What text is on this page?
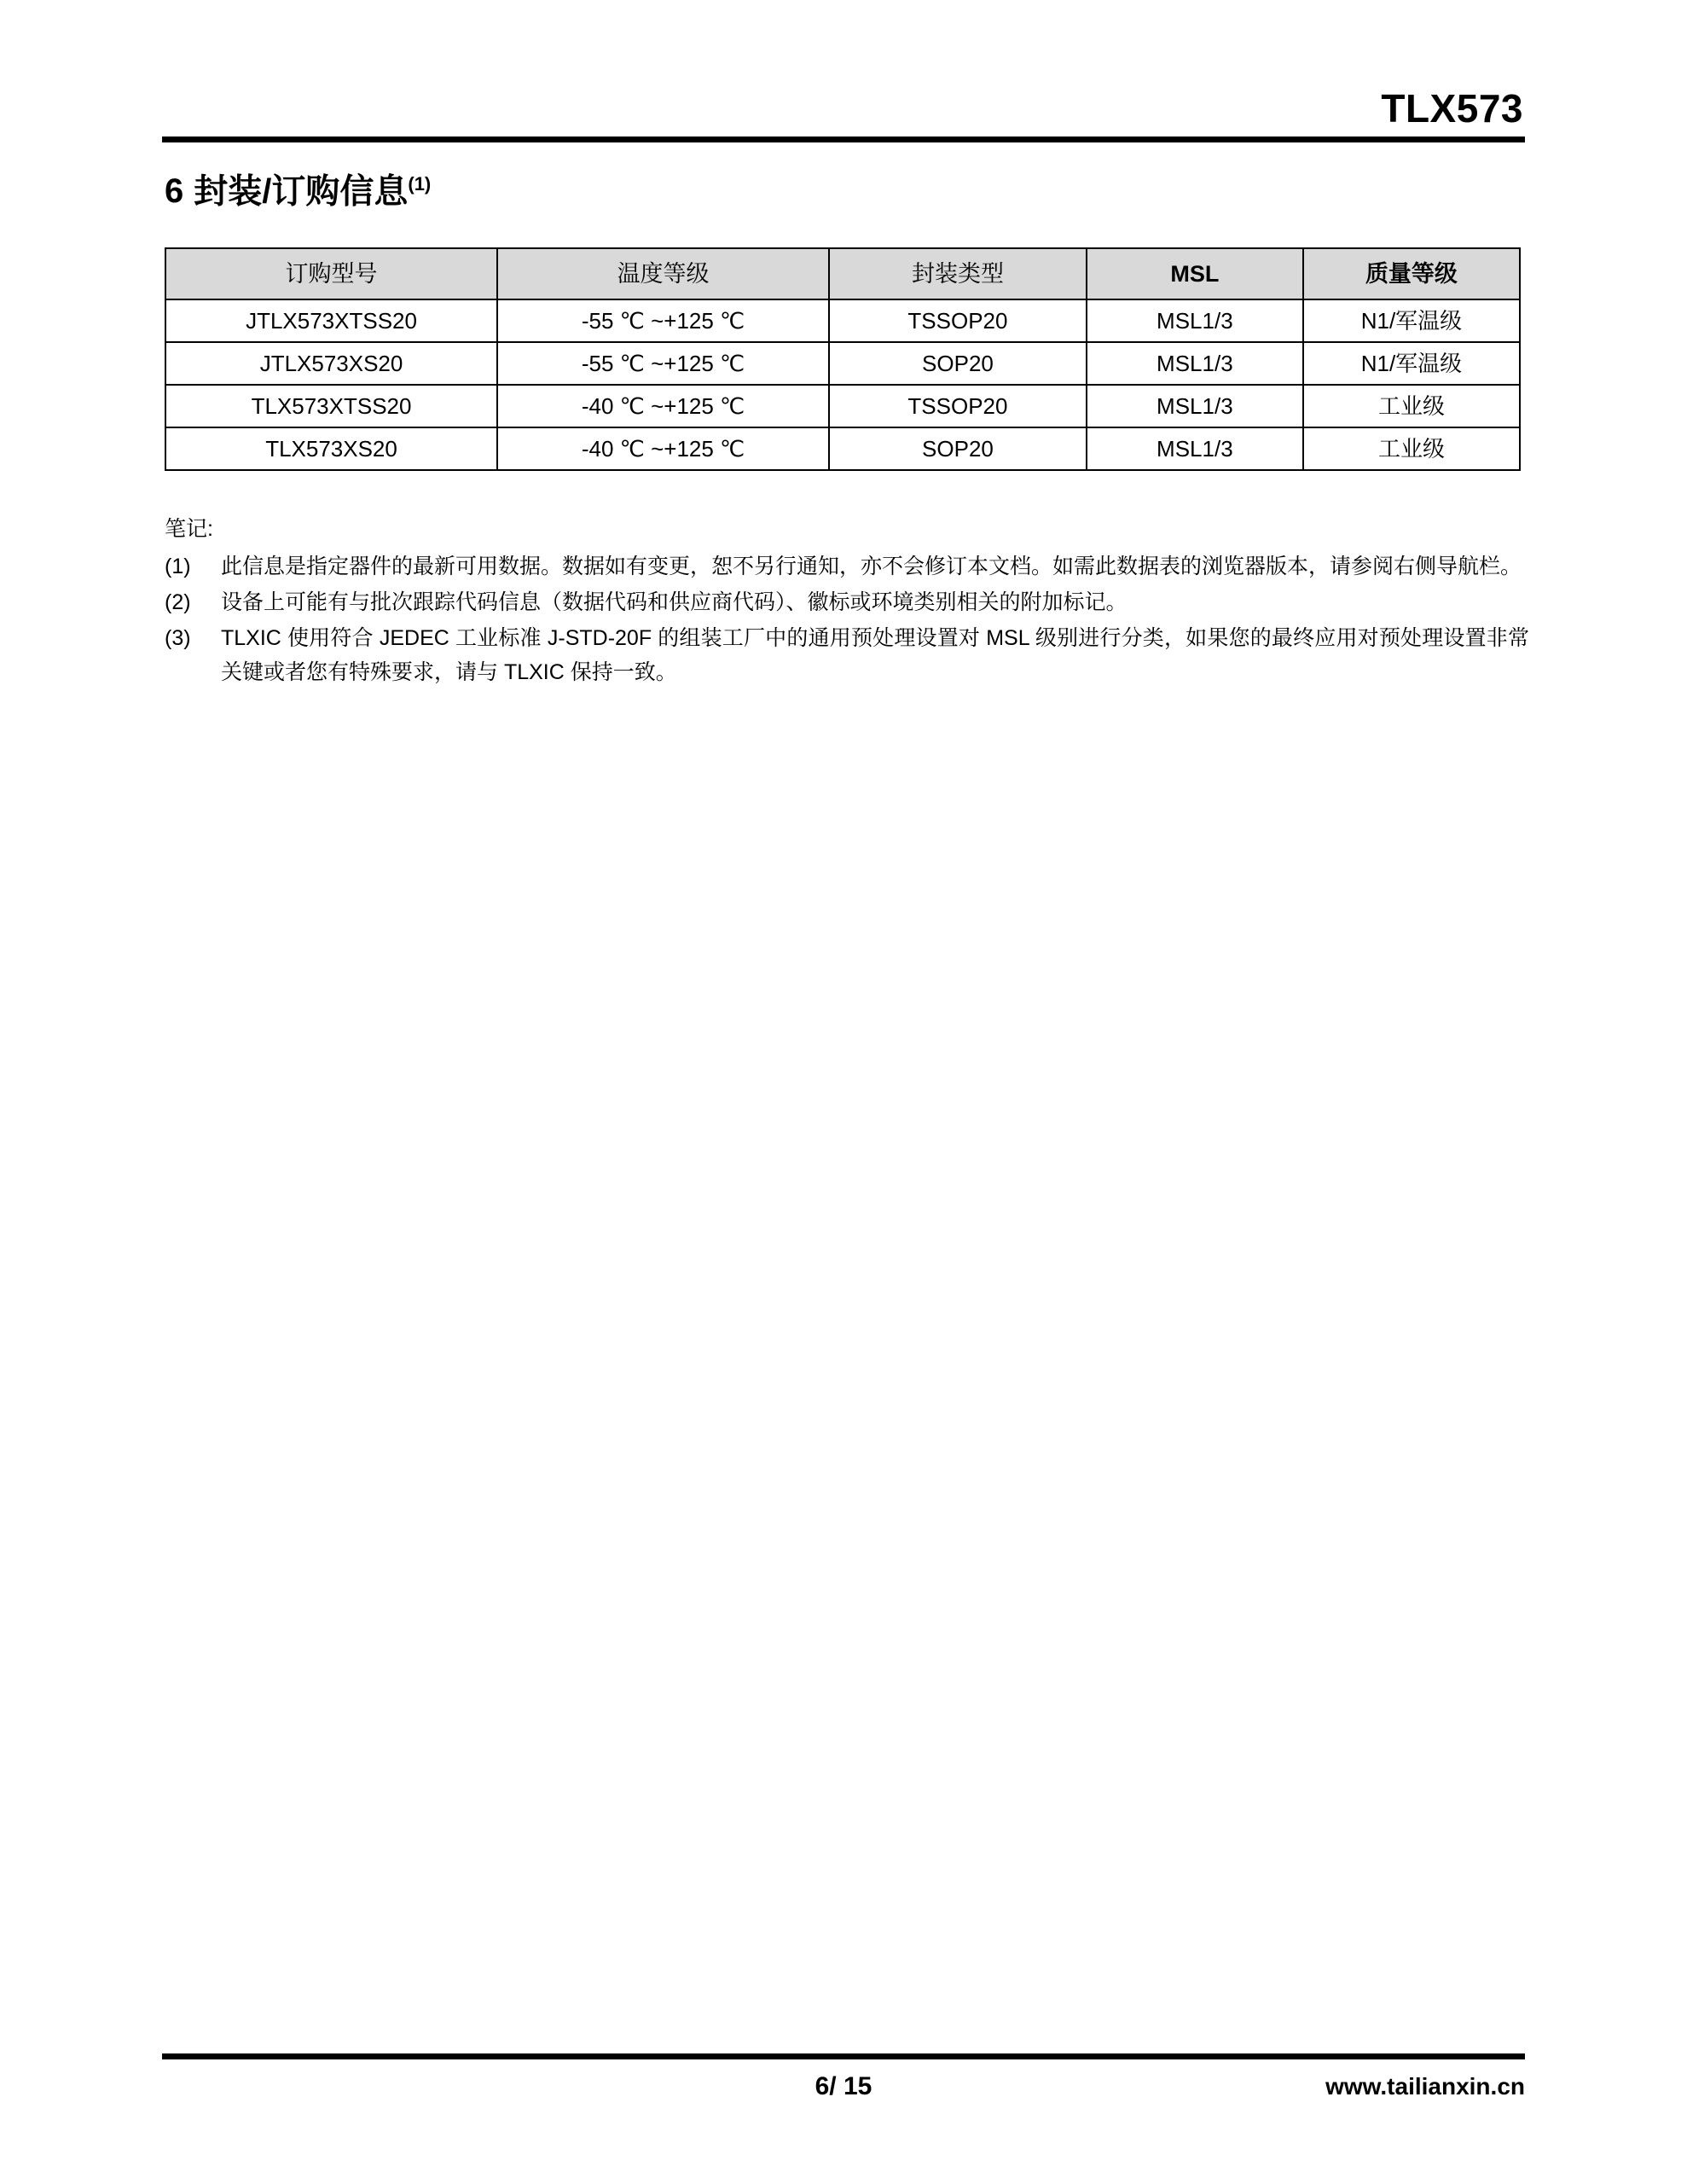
TLX573
6 封装/订购信息$^{(1)}$
订购型号	温度等级	封装类型	MSL	质量等级
JTLX573XTSS20	-55 ℃ ~+125 ℃	TSSOP20	MSL1/3	N1/军温级
JTLX573XS20	-55 ℃ ~+125 ℃	SOP20	MSL1/3	N1/军温级
TLX573XTSS20	-40 ℃ ~+125 ℃	TSSOP20	MSL1/3	工业级
TLX573XS20	-40 ℃ ~+125 ℃	SOP20	MSL1/3	工业级
笔记:
(1)	此信息是指定器件的最新可用数据。数据如有变更，恕不另行通知，亦不会修订本文档。如需此数据表的浏览器版本，请参阅右侧导航栏。
(2)	设备上可能有与批次跟踪代码信息（数据代码和供应商代码）、徽标或环境类别相关的附加标记。
(3)	TLXIC 使用符合 JEDEC 工业标准 J-STD-20F 的组装工厂中的通用预处理设置对 MSL 级别进行分类，如果您的最终应用对预处理设置非常关键或者您有特殊要求，请与 TLXIC 保持一致。
6/ 15	www.tailianxin.cn
